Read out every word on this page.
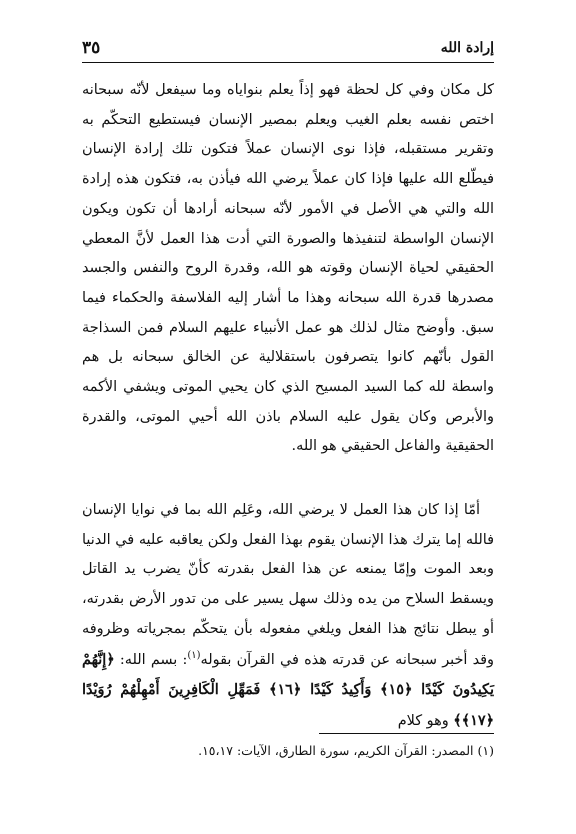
إرادة الله
٣٥

كل مكان وفي كل لحظة فهو إذاً يعلم بنواياه وما سيفعل لأنّه سبحانه اختص نفسه بعلم الغيب ويعلم بمصير الإنسان فيستطيع التحكّم به وتقرير مستقبله، فإذا نوى الإنسان عملاً فتكون تلك إرادة الإنسان فيطّلع الله عليها فإذا كان عملاً يرضي الله فيأذن به، فتكون هذه إرادة الله والتي هي الأصل في الأمور لأنّه سبحانه أرادها أن تكون ويكون الإنسان الواسطة لتنفيذها والصورة التي أدت هذا العمل لأنَّ المعطي الحقيقي لحياة الإنسان وقوته هو الله، وقدرة الروح والنفس والجسد مصدرها قدرة الله سبحانه وهذا ما أشار إليه الفلاسفة والحكماء فيما سبق. وأوضح مثال لذلك هو عمل الأنبياء عليهم السلام فمن السذاجة القول بأنّهم كانوا يتصرفون باستقلالية عن الخالق سبحانه بل هم واسطة لله كما السيد المسيح الذي كان يحيي الموتى ويشفي الأكمه والأبرص وكان يقول عليه السلام باذن الله أحيي الموتى، والقدرة الحقيقية والفاعل الحقيقي هو الله.

أمّا إذا كان هذا العمل لا يرضي الله، وعَلِم الله بما في نوايا الإنسان فالله إما يترك هذا الإنسان يقوم بهذا الفعل ولكن يعاقبه عليه في الدنيا وبعد الموت وإمّا يمنعه عن هذا الفعل بقدرته كأنّ يضرب يد القاتل ويسقط السلاح من يده وذلك سهل يسير على من تدور الأرض بقدرته، أو يبطل نتائج هذا الفعل ويلغي مفعوله بأن يتحكّم بمجرياته وظروفه وقد أخبر سبحانه عن قدرته هذه في القرآن بقوله$^{(١)}$: بسم الله: ﴿إِنَّهُمْ يَكِيدُونَ كَيْدًا ﴿١٥﴾ وَأَكِيدُ كَيْدًا ﴿١٦﴾ فَمَهِّلِ الْكَافِرِينَ أَمْهِلْهُمْ رُوَيْدًا ﴿١٧﴾﴾ وهو كلام

(١) المصدر: القرآن الكريم، سورة الطارق، الآيات: ١٥،١٧.
